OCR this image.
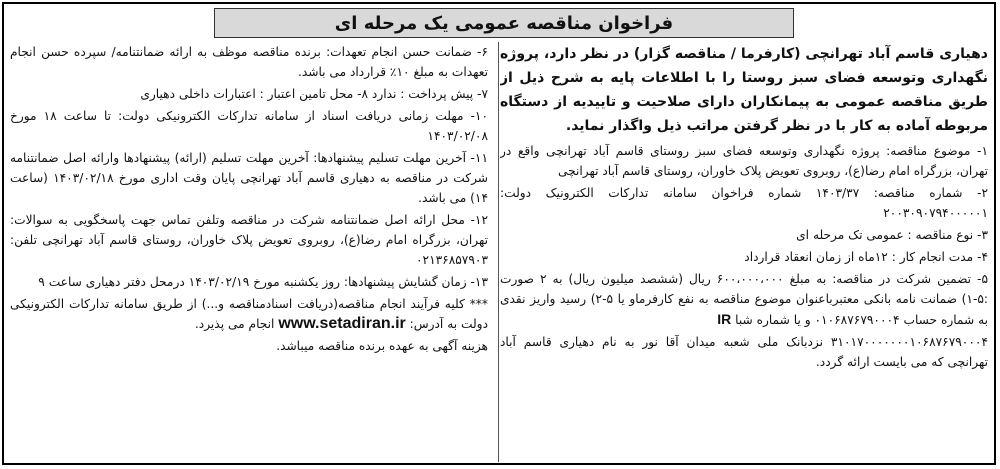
فراخوان مناقصه عمومی یک مرحله ای

دهیاری قاسم آباد تهرانچی (کارفرما / مناقصه گزار) در نظر دارد، پروژه نگهداری وتوسعه فضای سبز روستا را با اطلاعات پایه به شرح ذیل از طریق مناقصه عمومی به پیمانکاران دارای صلاحیت و تاییدیه از دستگاه مربوطه آماده به کار با در نظر گرفتن مراتب ذیل واگذار نماید.

۱- موضوع مناقصه: پروژه نگهداری وتوسعه فضای سبز روستای قاسم آباد تهرانچی واقع در تهران، بزرگراه امام رضا(ع)، روبروی تعویض پلاک خاوران، روستای قاسم آباد تهرانچی

۲- شماره مناقصه: ۱۴۰۳/۳۷ شماره فراخوان سامانه تدارکات الکترونیک دولت: ۲۰۰۳۰۹۰۷۹۴۰۰۰۰۰۱

۳- نوع مناقصه : عمومی تک مرحله ای

۴- مدت انجام کار : ۱۲ماه از زمان انعقاد قرارداد

۵- تضمین شرکت در مناقصه: به مبلغ ۶۰۰،۰۰۰،۰۰۰ ریال (ششصد میلیون ریال) به ۲ صورت :۵-۱) ضمانت نامه بانکی معتبرباعنوان موضوع مناقصه به نفع کارفرماو یا ۵-۲) رسید واریز نقدی به شماره حساب ۰۱۰۶۸۷۶۷۹۰۰۰۴ و یا شماره شبا IR

۳۱۰۱۷۰۰۰۰۰۰۰۱۰۶۸۷۶۷۹۰۰۰۴ نزدبانک ملی شعبه میدان آقا نور به نام دهیاری قاسم آباد تهرانچی که می بایست ارائه گردد.

۶- ضمانت حسن انجام تعهدات: برنده مناقصه موظف به ارائه ضمانتنامه/ سپرده حسن انجام تعهدات به مبلغ ۱۰٪ قرارداد می باشد.

۷- پیش پرداخت : ندارد ۸- محل تامین اعتبار : اعتبارات داخلی دهیاری

۱۰- مهلت زمانی دریافت اسناد از سامانه تدارکات الکترونیکی دولت: تا ساعت ۱۸ مورخ ۱۴۰۳/۰۲/۰۸

۱۱- آخرین مهلت تسلیم پیشنهادها: آخرین مهلت تسلیم (ارائه) پیشنهادها وارائه اصل ضمانتنامه شرکت در مناقصه به دهیاری قاسم آباد تهرانچی پایان وقت اداری مورخ ۱۴۰۳/۰۲/۱۸ (ساعت ۱۴) می باشد.

۱۲- محل ارائه اصل ضمانتنامه شرکت در مناقصه وتلفن تماس جهت پاسخگویی به سوالات: تهران، بزرگراه امام رضا(ع)، روبروی تعویض پلاک خاوران، روستای قاسم آباد تهرانچی تلفن: ۰۲۱۳۶۸۵۷۹۰۳

۱۳- زمان گشایش پیشنهادها: روز یکشنبه مورخ ۱۴۰۳/۰۲/۱۹ درمحل دفتر دهیاری ساعت ۹

*** کلیه فرآیند انجام مناقصه(دریافت اسنادمناقصه و...) از طریق سامانه تدارکات الکترونیکی دولت به آدرس: www.setadiran.ir انجام می پذیرد.

هزینه آگهی به عهده برنده مناقصه میباشد.
